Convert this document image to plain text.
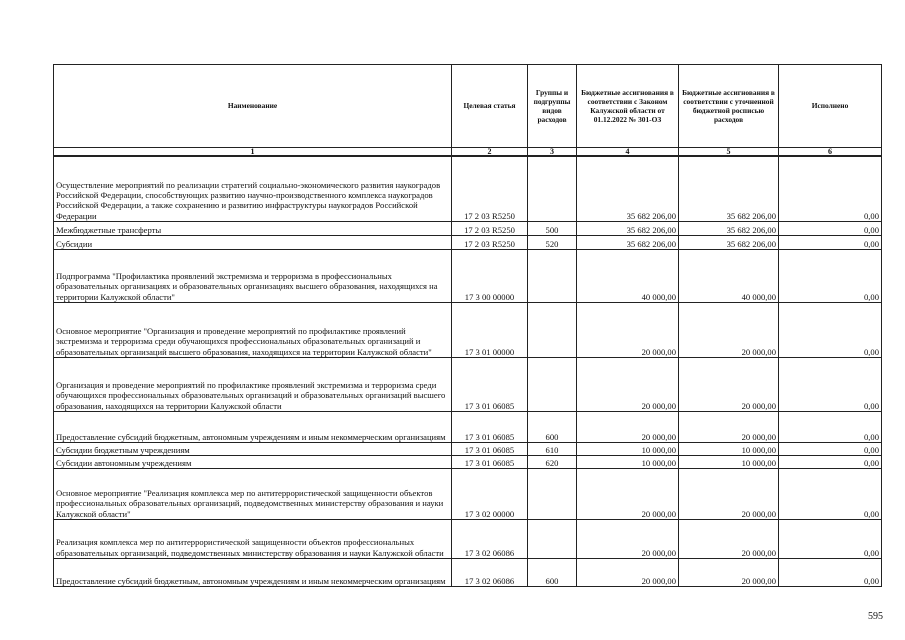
Наименование	Целевая статья	Группы и подгруппы видов расходов	Бюджетные ассигнования в соответствии с Законом Калужской области от 01.12.2022 № 301-ОЗ	Бюджетные ассигнования в соответствии с уточненной бюджетной росписью расходов	Исполнено
1	2	3	4	5	6
Осуществление мероприятий по реализации стратегий социально-экономического развития наукоградов Российской Федерации, способствующих развитию научно-производственного комплекса наукоградов Российской Федерации, а также сохранению и развитию инфраструктуры наукоградов Российской Федерации	17 2 03 R5250		35 682 206,00	35 682 206,00	0,00
Межбюджетные трансферты	17 2 03 R5250	500	35 682 206,00	35 682 206,00	0,00
Субсидии	17 2 03 R5250	520	35 682 206,00	35 682 206,00	0,00
Подпрограмма "Профилактика проявлений экстремизма и терроризма в профессиональных образовательных организациях и образовательных организациях высшего образования, находящихся на территории Калужской области"	17 3 00 00000		40 000,00	40 000,00	0,00
Основное мероприятие "Организация и проведение мероприятий по профилактике проявлений экстремизма и терроризма среди обучающихся профессиональных образовательных организаций и образовательных организаций высшего образования, находящихся на территории Калужской области"	17 3 01 00000		20 000,00	20 000,00	0,00
Организация и проведение мероприятий по профилактике проявлений экстремизма и терроризма среди обучающихся профессиональных образовательных организаций и образовательных организаций высшего образования, находящихся на территории Калужской области	17 3 01 06085		20 000,00	20 000,00	0,00
Предоставление субсидий бюджетным, автономным учреждениям и иным некоммерческим организациям	17 3 01 06085	600	20 000,00	20 000,00	0,00
Субсидии бюджетным учреждениям	17 3 01 06085	610	10 000,00	10 000,00	0,00
Субсидии автономным учреждениям	17 3 01 06085	620	10 000,00	10 000,00	0,00
Основное мероприятие "Реализация комплекса мер по антитеррористической защищенности объектов профессиональных образовательных организаций, подведомственных министерству образования и науки Калужской области"	17 3 02 00000		20 000,00	20 000,00	0,00
Реализация комплекса мер по антитеррористической защищенности объектов профессиональных образовательных организаций, подведомственных министерству образования и науки Калужской области	17 3 02 06086		20 000,00	20 000,00	0,00
Предоставление субсидий бюджетным, автономным учреждениям и иным некоммерческим организациям	17 3 02 06086	600	20 000,00	20 000,00	0,00
595
